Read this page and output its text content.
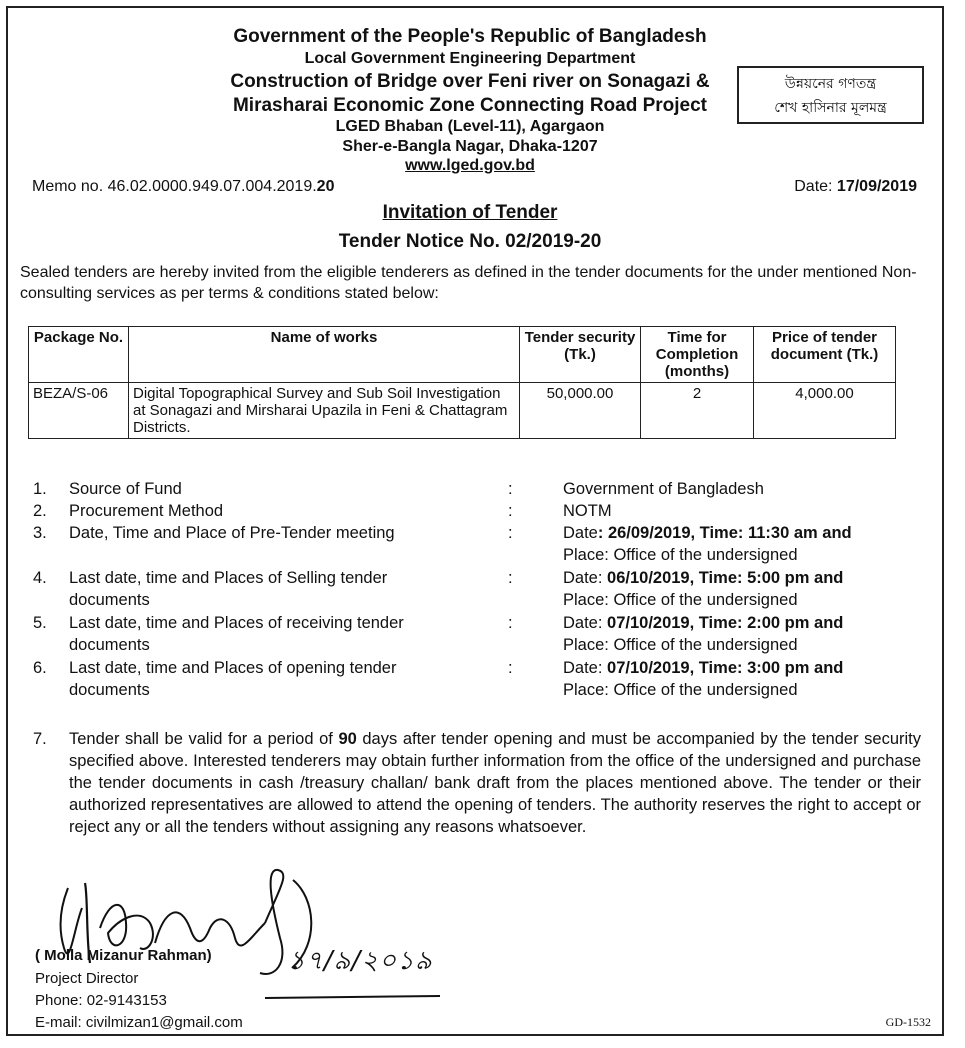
Government of the People's Republic of Bangladesh
Local Government Engineering Department
Construction of Bridge over Feni river on Sonagazi &
Mirasharai Economic Zone Connecting Road Project
LGED Bhaban (Level-11), Agargaon
Sher-e-Bangla Nagar, Dhaka-1207
www.lged.gov.bd
উন্নয়নের গণতন্ত্র
শেখ হাসিনার মূলমন্ত্র
Memo no. 46.02.0000.949.07.004.2019.20	Date: 17/09/2019
Invitation of Tender
Tender Notice No. 02/2019-20
Sealed tenders are hereby invited from the eligible tenderers as defined in the tender documents for the under mentioned Non-consulting services as per terms & conditions stated below:
Package No.	Name of works	Tender security (Tk.)	Time for Completion (months)	Price of tender document (Tk.)
BEZA/S-06	Digital Topographical Survey and Sub Soil Investigation at Sonagazi and Mirsharai Upazila in Feni & Chattagram Districts.	50,000.00	2	4,000.00
1. Source of Fund	:	Government of Bangladesh
2. Procurement Method	:	NOTM
3. Date, Time and Place of Pre-Tender meeting	:	Date: 26/09/2019, Time: 11:30 am and
Place: Office of the undersigned
4. Last date, time and Places of Selling tender
documents
:	Date: 06/10/2019, Time: 5:00 pm and
Place: Office of the undersigned
5. Last date, time and Places of receiving tender
documents
:	Date: 07/10/2019, Time: 2:00 pm and
Place: Office of the undersigned
6. Last date, time and Places of opening tender
documents
:	Date: 07/10/2019, Time: 3:00 pm and
Place: Office of the undersigned
7. Tender shall be valid for a period of 90 days after tender opening and must be accompanied by the tender security specified above. Interested tenderers may obtain further information from the office of the undersigned and purchase the tender documents in cash /treasury challan/ bank draft from the places mentioned above. The tender or their authorized representatives are allowed to attend the opening of tenders. The authority reserves the right to accept or reject any or all the tenders without assigning any reasons whatsoever.
১৭/৯/২০১৯
( Molla Mizanur Rahman)
Project Director
Phone: 02-9143153
E-mail: civilmizan1@gmail.com	GD-1532
